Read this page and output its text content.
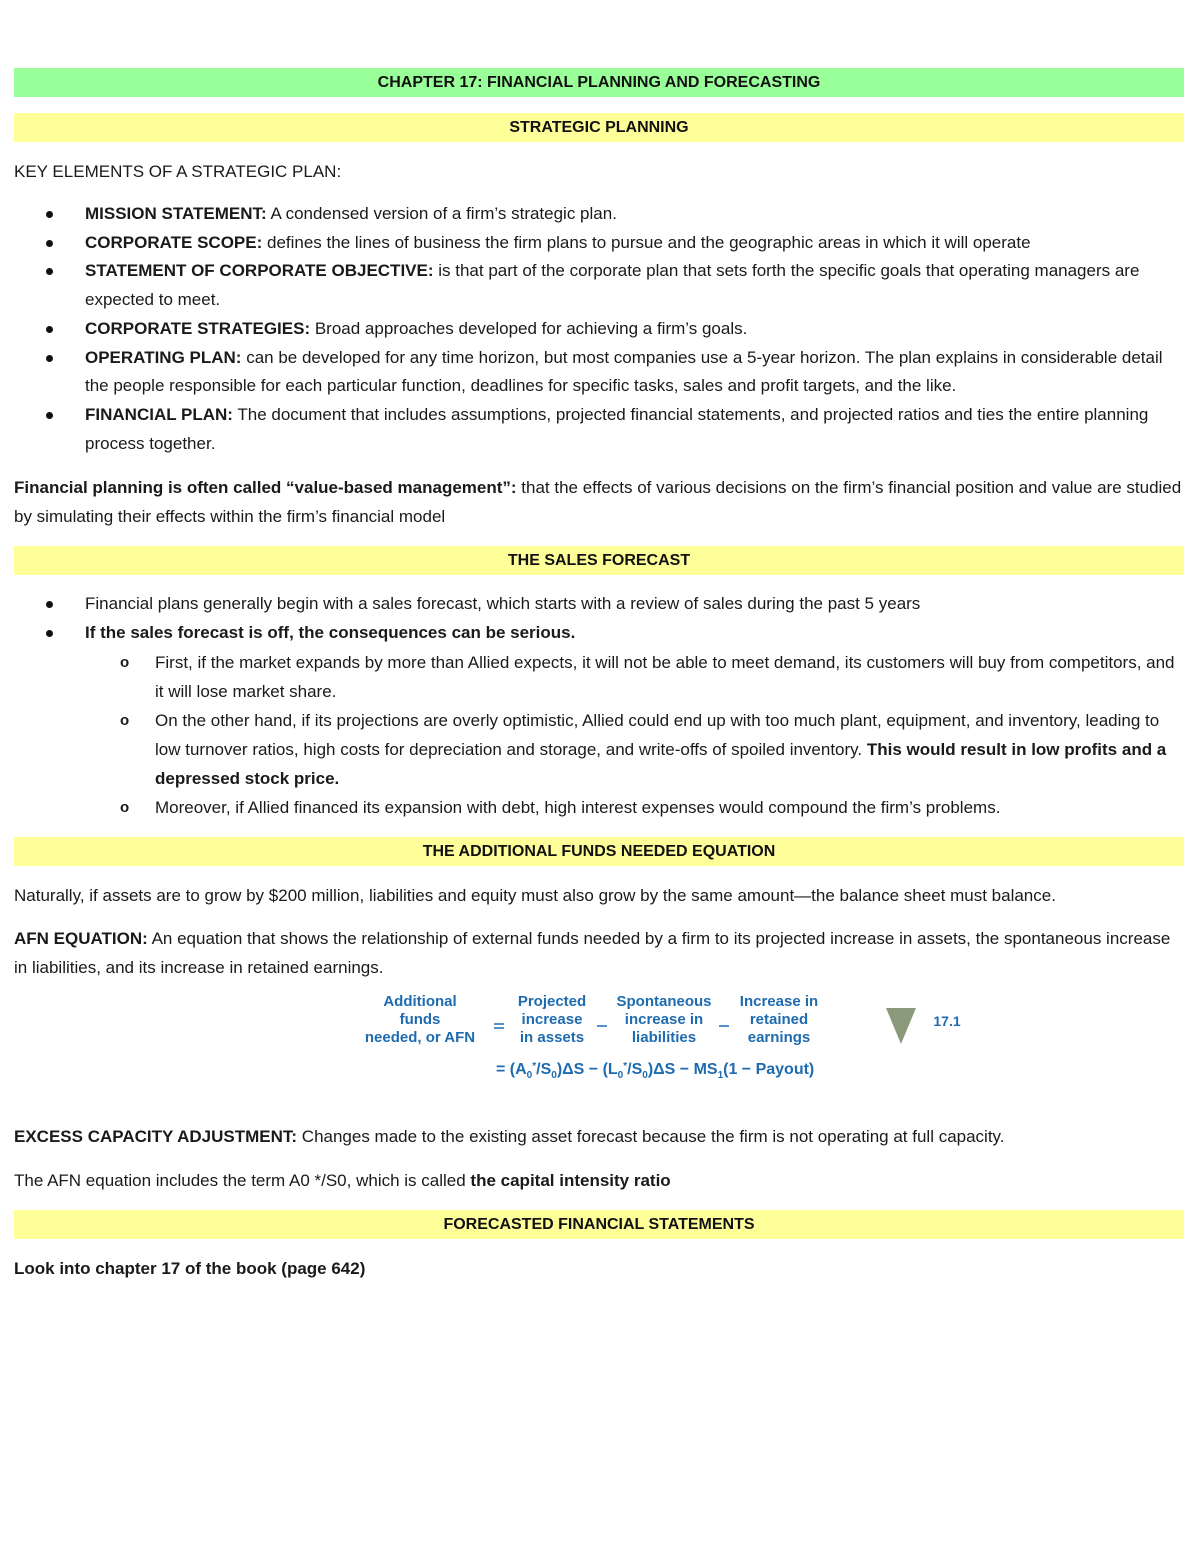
CHAPTER 17: FINANCIAL PLANNING AND FORECASTING
STRATEGIC PLANNING

KEY ELEMENTS OF A STRATEGIC PLAN:

MISSION STATEMENT: A condensed version of a firm’s strategic plan.
CORPORATE SCOPE: defines the lines of business the firm plans to pursue and the geographic areas in which it will operate
STATEMENT OF CORPORATE OBJECTIVE: is that part of the corporate plan that sets forth the specific goals that operating managers are expected to meet.
CORPORATE STRATEGIES: Broad approaches developed for achieving a firm’s goals.
OPERATING PLAN: can be developed for any time horizon, but most companies use a 5-year horizon. The plan explains in considerable detail the people responsible for each particular function, deadlines for specific tasks, sales and profit targets, and the like.
FINANCIAL PLAN: The document that includes assumptions, projected financial statements, and projected ratios and ties the entire planning process together.

Financial planning is often called “value-based management”: that the effects of various decisions on the firm’s financial position and value are studied by simulating their effects within the firm’s financial model

THE SALES FORECAST
Financial plans generally begin with a sales forecast, which starts with a review of sales during the past 5 years
If the sales forecast is off, the consequences can be serious.
o First, if the market expands by more than Allied expects, it will not be able to meet demand, its customers will buy from competitors, and it will lose market share.
o On the other hand, if its projections are overly optimistic, Allied could end up with too much plant, equipment, and inventory, leading to low turnover ratios, high costs for depreciation and storage, and write-offs of spoiled inventory. This would result in low profits and a depressed stock price.
o Moreover, if Allied financed its expansion with debt, high interest expenses would compound the firm’s problems.
THE ADDITIONAL FUNDS NEEDED EQUATION

Naturally, if assets are to grow by $200 million, liabilities and equity must also grow by the same amount—the balance sheet must balance.

AFN EQUATION: An equation that shows the relationship of external funds needed by a firm to its projected increase in assets, the spontaneous increase in liabilities, and its increase in retained earnings.

Additional
funds
needed, or AFN
Projected
increase
in assets
Spontaneous
increase in
liabilities
Increase in
retained
earnings
17.1
= $(A_0^*/S_0)\Delta S - (L_0^*/S_0)\Delta S - MS_1(1$ − Payout)

EXCESS CAPACITY ADJUSTMENT: Changes made to the existing asset forecast because the firm is not operating at full capacity.

The AFN equation includes the term A0 */S0, which is called the capital intensity ratio

FORECASTED FINANCIAL STATEMENTS

Look into chapter 17 of the book (page 642)
